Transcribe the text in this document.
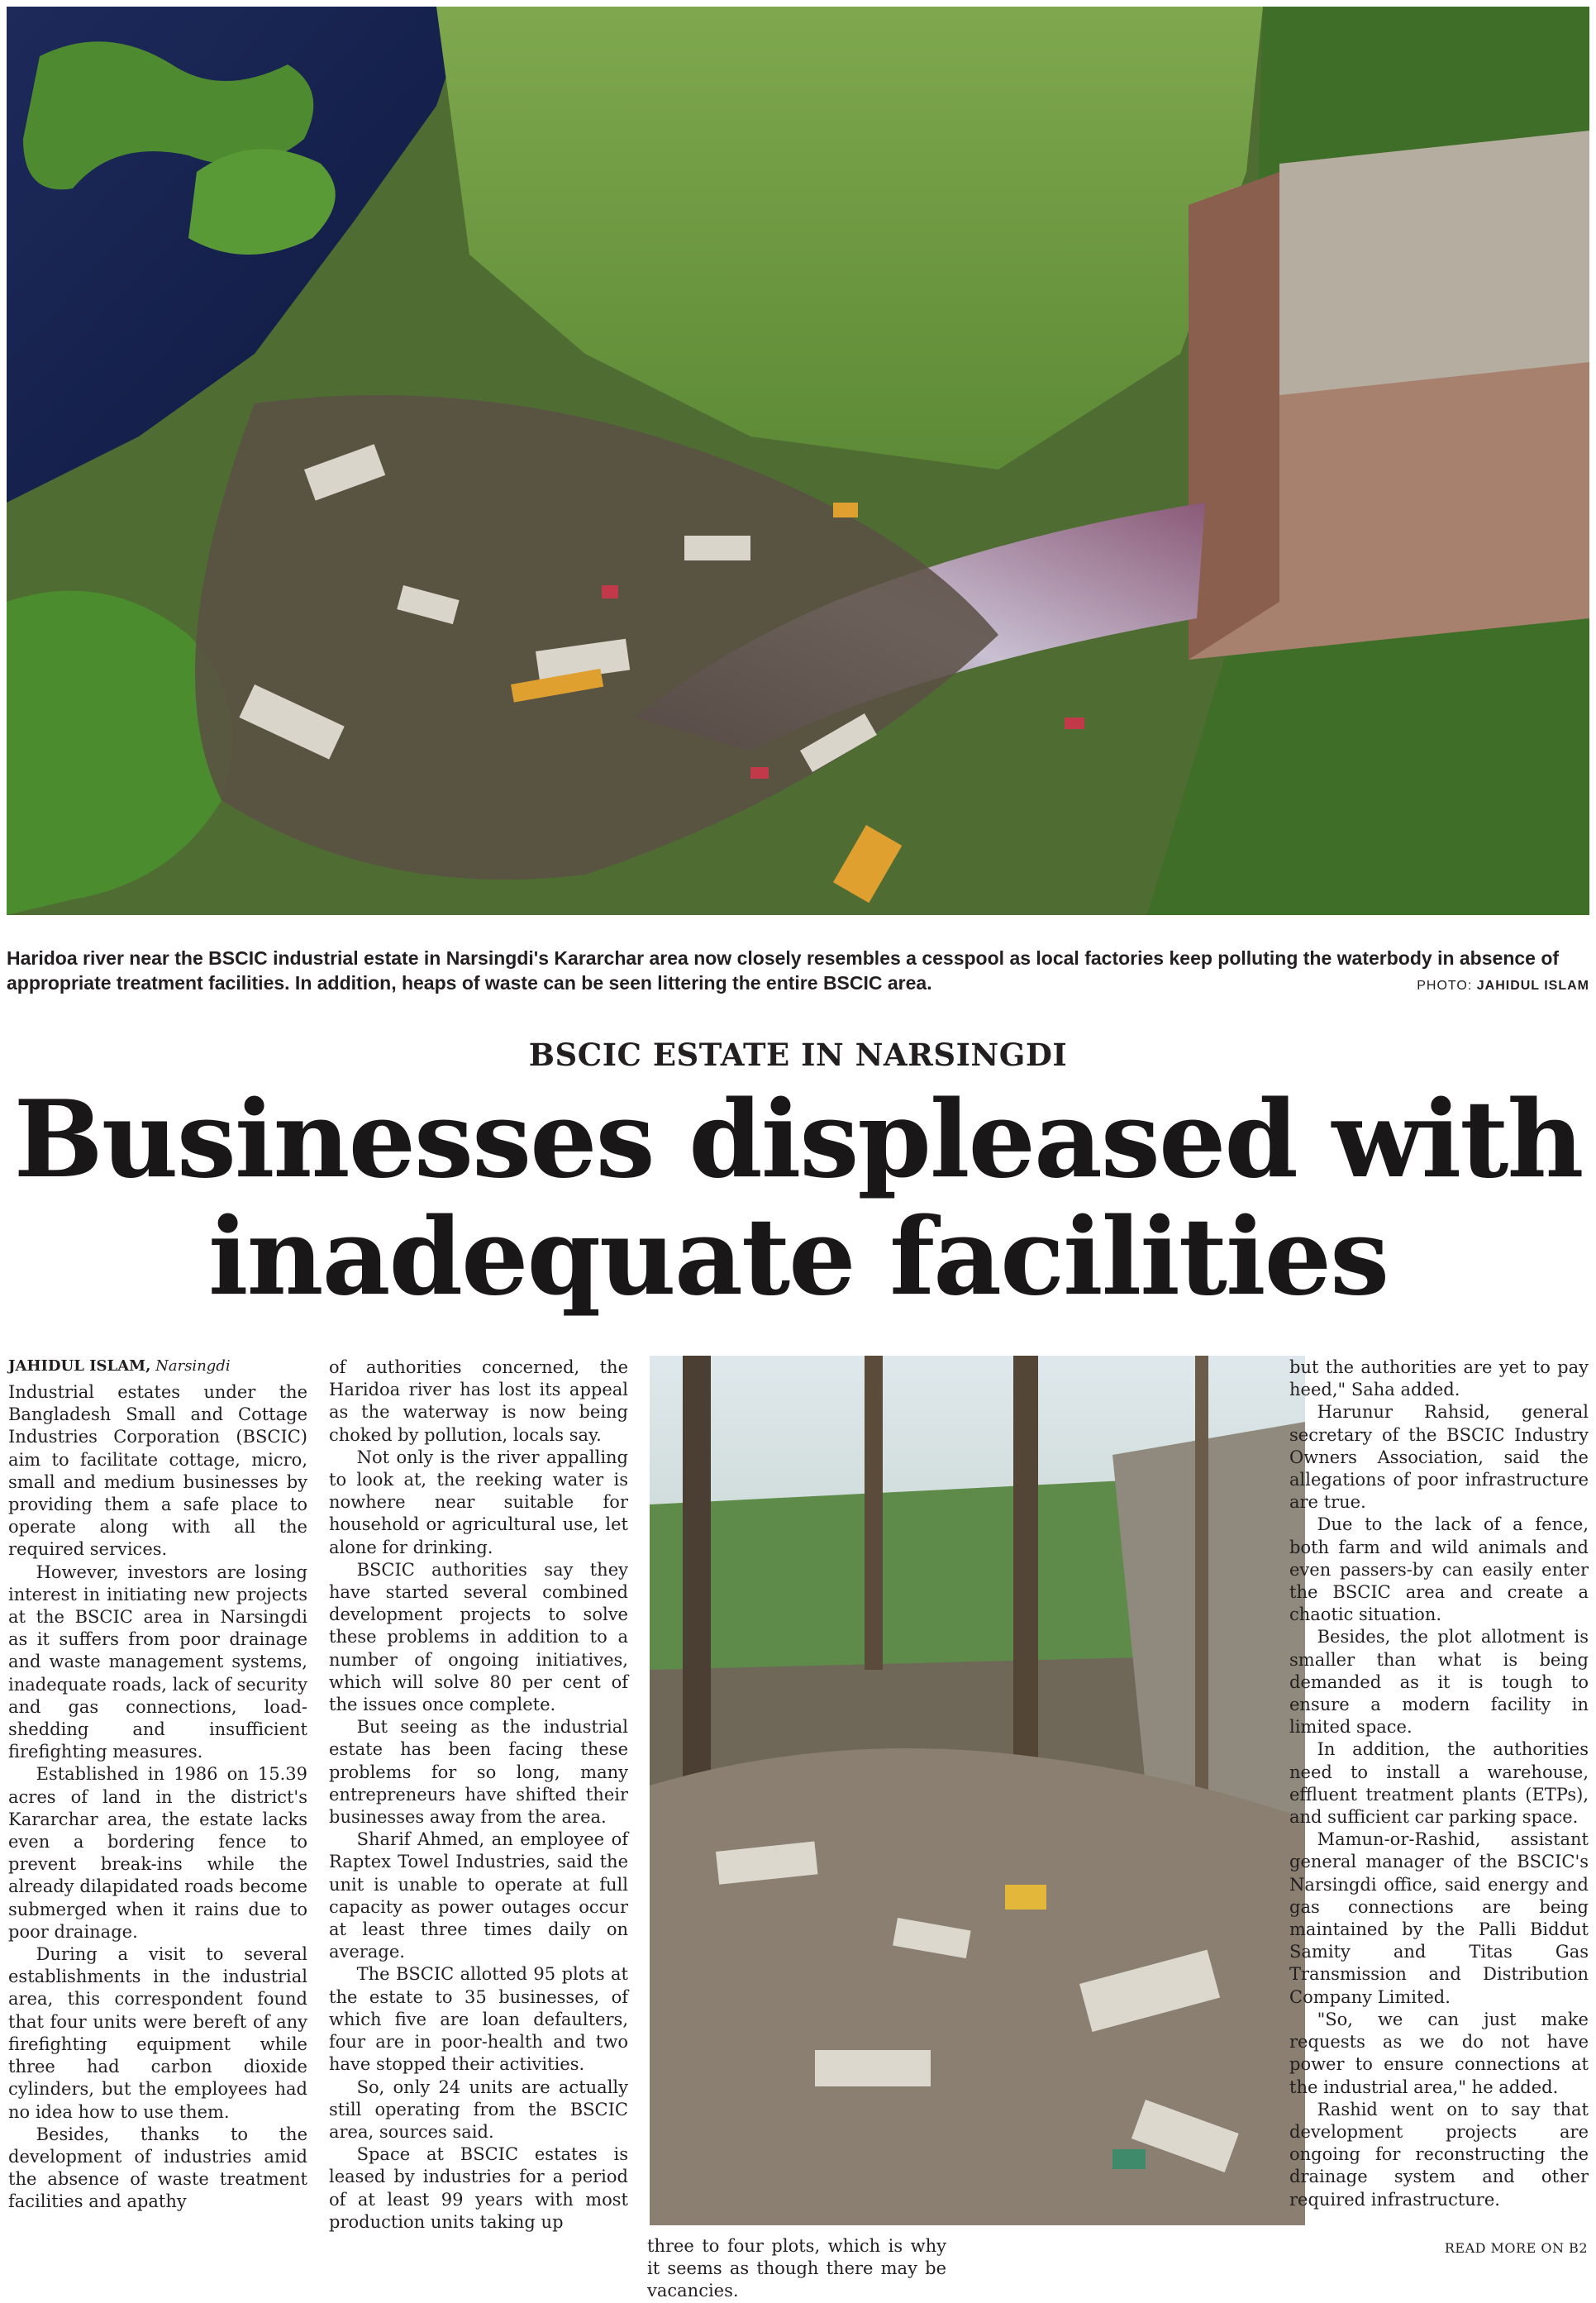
Haridoa river near the BSCIC industrial estate in Narsingdi's Kararchar area now closely resembles a cesspool as local factories keep polluting the waterbody in absence of appropriate treatment facilities. In addition, heaps of waste can be seen littering the entire BSCIC area.	PHOTO: JAHIDUL ISLAM
BSCIC ESTATE IN NARSINGDI
Businesses displeased with
inadequate facilities

JAHIDUL ISLAM, Narsingdi

Industrial estates under the Bangladesh Small and Cottage Industries Corporation (BSCIC) aim to facilitate cottage, micro, small and medium businesses by providing them a safe place to operate along with all the required services.

However, investors are losing interest in initiating new projects at the BSCIC area in Narsingdi as it suffers from poor drainage and waste management systems, inadequate roads, lack of security and gas connections, load-shedding and insufficient firefighting measures.

Established in 1986 on 15.39 acres of land in the district's Kararchar area, the estate lacks even a bordering fence to prevent break-ins while the already dilapidated roads become submerged when it rains due to poor drainage.

During a visit to several establishments in the industrial area, this correspondent found that four units were bereft of any firefighting equipment while three had carbon dioxide cylinders, but the employees had no idea how to use them.

Besides, thanks to the development of industries amid the absence of waste treatment facilities and apathy

of authorities concerned, the Haridoa river has lost its appeal as the waterway is now being choked by pollution, locals say.

Not only is the river appalling to look at, the reeking water is nowhere near suitable for household or agricultural use, let alone for drinking.

BSCIC authorities say they have started several combined development projects to solve these problems in addition to a number of ongoing initiatives, which will solve 80 per cent of the issues once complete.

But seeing as the industrial estate has been facing these problems for so long, many entrepreneurs have shifted their businesses away from the area.

Sharif Ahmed, an employee of Raptex Towel Industries, said the unit is unable to operate at full capacity as power outages occur at least three times daily on average.

The BSCIC allotted 95 plots at the estate to 35 businesses, of which five are loan defaulters, four are in poor-health and two have stopped their activities.

So, only 24 units are actually still operating from the BSCIC area, sources said.

Space at BSCIC estates is leased by industries for a period of at least 99 years with most production units taking up

three to four plots, which is why it seems as though there may be vacancies.

but the authorities are yet to pay heed," Saha added.

Harunur Rahsid, general secretary of the BSCIC Industry Owners Association, said the allegations of poor infrastructure are true.

Due to the lack of a fence, both farm and wild animals and even passers-by can easily enter the BSCIC area and create a chaotic situation.

Besides, the plot allotment is smaller than what is being demanded as it is tough to ensure a modern facility in limited space.

In addition, the authorities need to install a warehouse, effluent treatment plants (ETPs), and sufficient car parking space.

Mamun-or-Rashid, assistant general manager of the BSCIC's Narsingdi office, said energy and gas connections are being maintained by the Palli Biddut Samity and Titas Gas Transmission and Distribution Company Limited.

"So, we can just make requests as we do not have power to ensure connections at the industrial area," he added.

Rashid went on to say that development projects are ongoing for reconstructing the drainage system and other required infrastructure.

READ MORE ON B2
